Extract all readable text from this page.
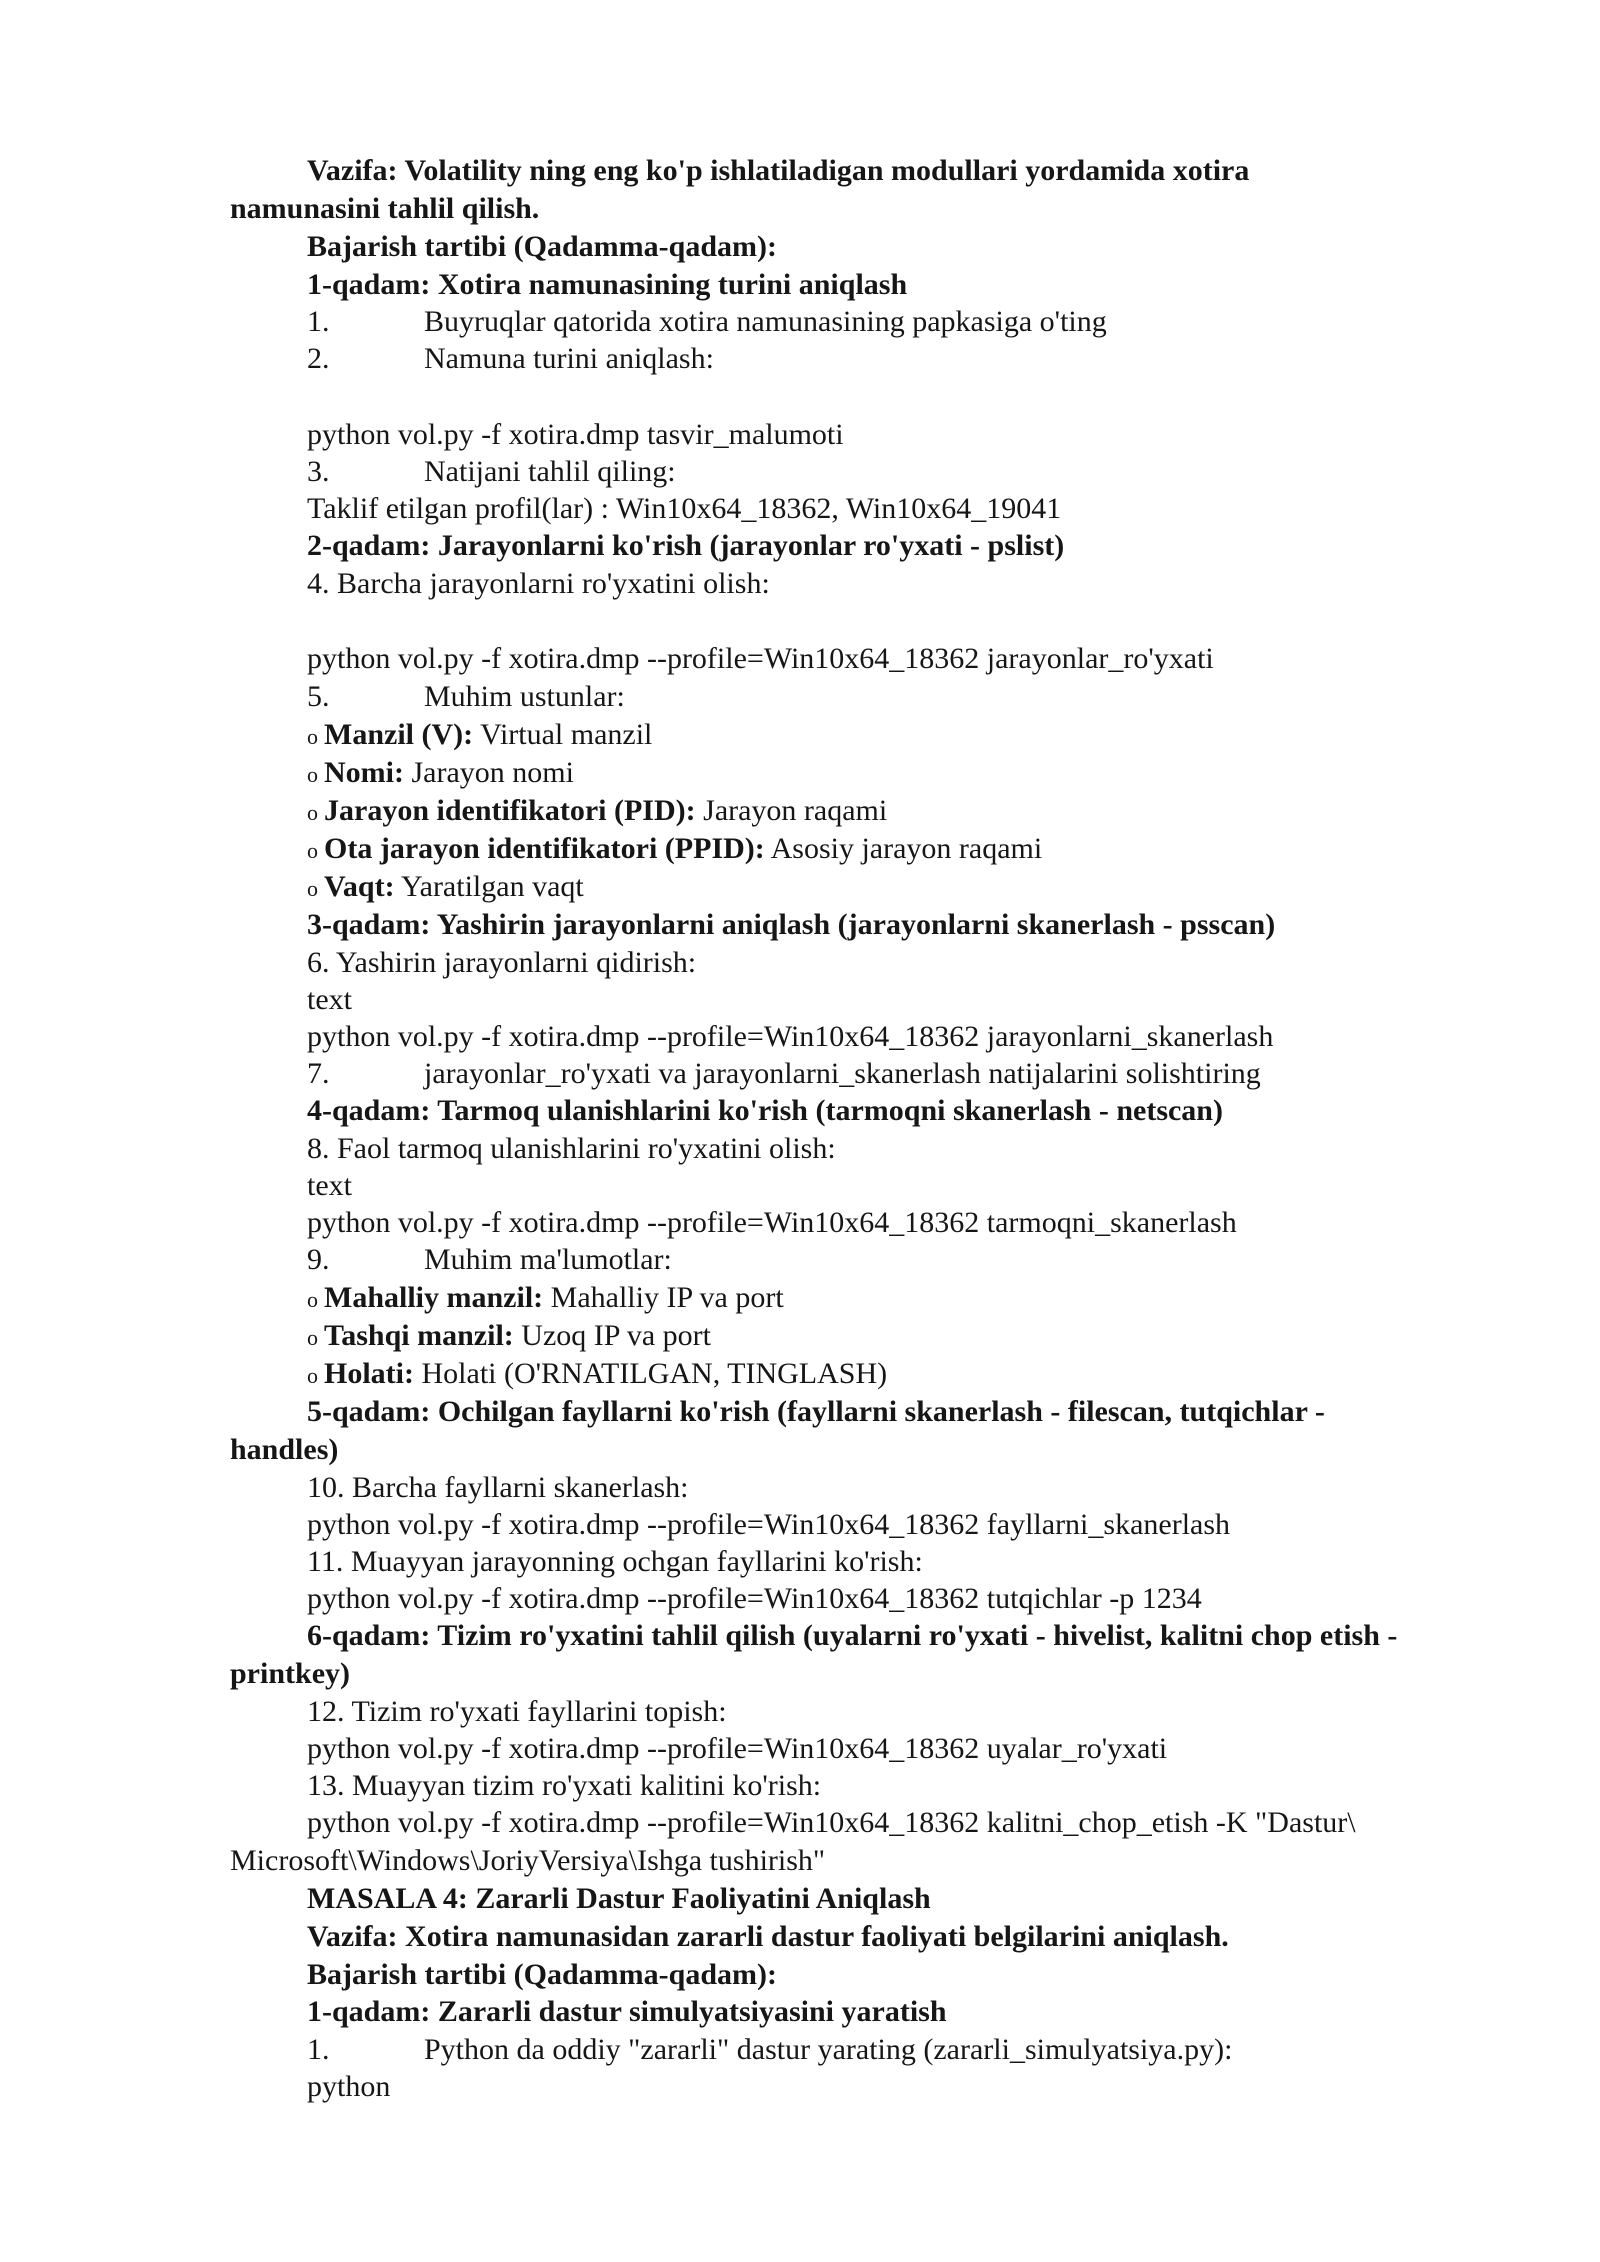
Vazifa: Volatility ning eng ko'p ishlatiladigan modullari yordamida xotira
namunasini tahlil qilish.
Bajarish tartibi (Qadamma-qadam):
1-qadam: Xotira namunasining turini aniqlash
1.	Buyruqlar qatorida xotira namunasining papkasiga o'ting
2.	Namuna turini aniqlash:
python vol.py -f xotira.dmp tasvir_malumoti
3.	Natijani tahlil qiling:
Taklif etilgan profil(lar) : Win10x64_18362, Win10x64_19041
2-qadam: Jarayonlarni ko'rish (jarayonlar ro'yxati - pslist)
4. Barcha jarayonlarni ro'yxatini olish:
python vol.py -f xotira.dmp --profile=Win10x64_18362 jarayonlar_ro'yxati
5.	Muhim ustunlar:
o Manzil (V): Virtual manzil
o Nomi: Jarayon nomi
o Jarayon identifikatori (PID): Jarayon raqami
o Ota jarayon identifikatori (PPID): Asosiy jarayon raqami
o Vaqt: Yaratilgan vaqt
3-qadam: Yashirin jarayonlarni aniqlash (jarayonlarni skanerlash - psscan)
6. Yashirin jarayonlarni qidirish:
text
python vol.py -f xotira.dmp --profile=Win10x64_18362 jarayonlarni_skanerlash
7.	jarayonlar_ro'yxati va jarayonlarni_skanerlash natijalarini solishtiring
4-qadam: Tarmoq ulanishlarini ko'rish (tarmoqni skanerlash - netscan)
8. Faol tarmoq ulanishlarini ro'yxatini olish:
text
python vol.py -f xotira.dmp --profile=Win10x64_18362 tarmoqni_skanerlash
9.	Muhim ma'lumotlar:
o Mahalliy manzil: Mahalliy IP va port
o Tashqi manzil: Uzoq IP va port
o Holati: Holati (O'RNATILGAN, TINGLASH)
5-qadam: Ochilgan fayllarni ko'rish (fayllarni skanerlash - filescan, tutqichlar -
handles)
10. Barcha fayllarni skanerlash:
python vol.py -f xotira.dmp --profile=Win10x64_18362 fayllarni_skanerlash
11. Muayyan jarayonning ochgan fayllarini ko'rish:
python vol.py -f xotira.dmp --profile=Win10x64_18362 tutqichlar -p 1234
6-qadam: Tizim ro'yxatini tahlil qilish (uyalarni ro'yxati - hivelist, kalitni chop etish -
printkey)
12. Tizim ro'yxati fayllarini topish:
python vol.py -f xotira.dmp --profile=Win10x64_18362 uyalar_ro'yxati
13. Muayyan tizim ro'yxati kalitini ko'rish:
python vol.py -f xotira.dmp --profile=Win10x64_18362 kalitni_chop_etish -K "Dastur\
Microsoft\Windows\JoriyVersiya\Ishga tushirish"
MASALA 4: Zararli Dastur Faoliyatini Aniqlash
Vazifa: Xotira namunasidan zararli dastur faoliyati belgilarini aniqlash.
Bajarish tartibi (Qadamma-qadam):
1-qadam: Zararli dastur simulyatsiyasini yaratish
1.	Python da oddiy "zararli" dastur yarating (zararli_simulyatsiya.py):
python
